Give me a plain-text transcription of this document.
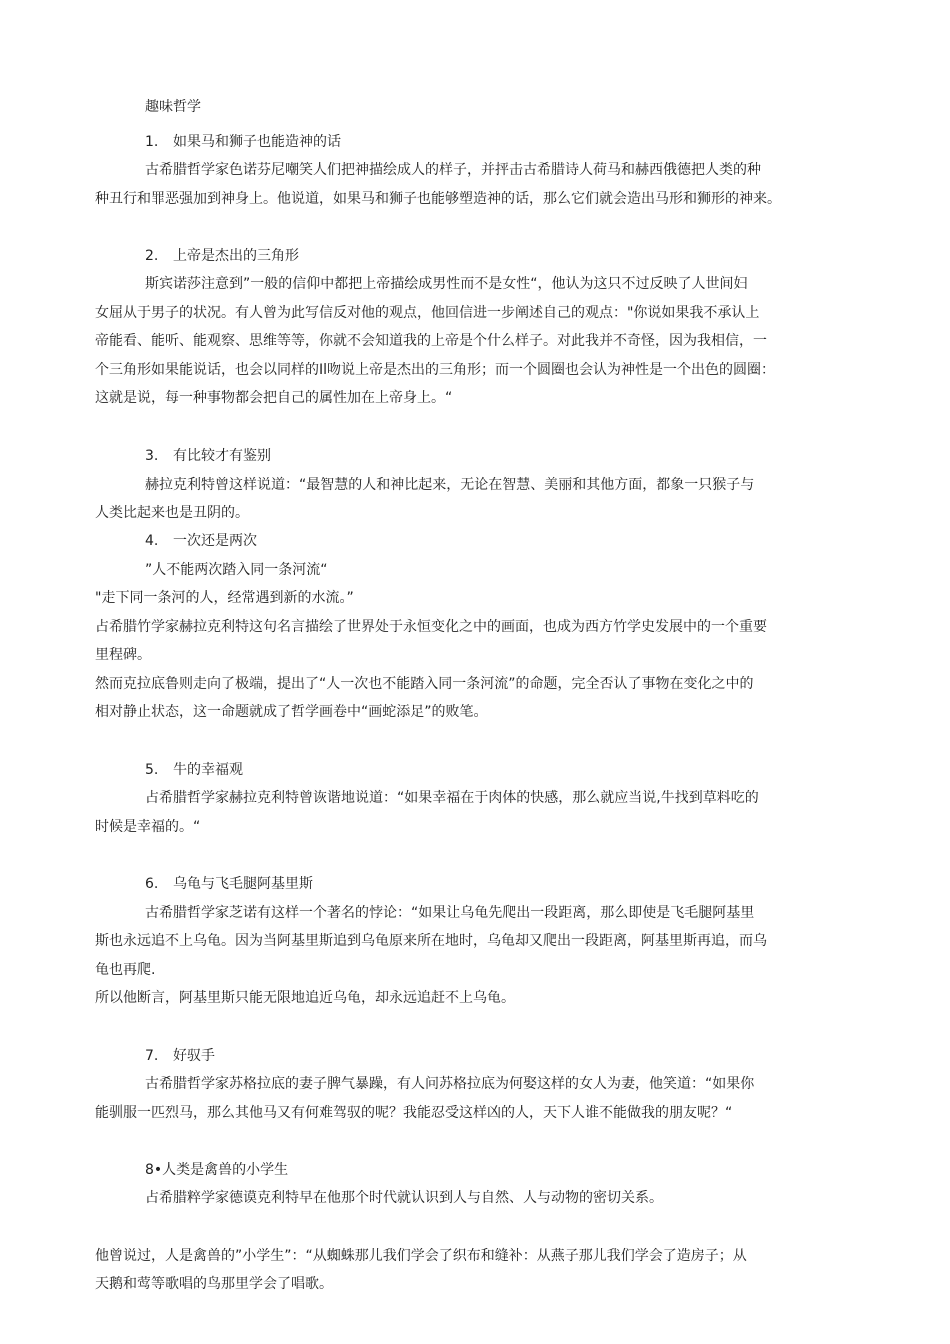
趣味哲学
1. 如果马和狮子也能造神的话
古希腊哲学家色诺芬尼嘲笑人们把神描绘成人的样子，并抨击古希腊诗人荷马和赫西俄德把人类的种
种丑行和罪恶强加到神身上。他说道，如果马和狮子也能够塑造神的话，那么它们就会造出马形和狮形的神来。
2. 上帝是杰出的三角形
斯宾诺莎注意到”一般的信仰中都把上帝描绘成男性而不是女性“，他认为这只不过反映了人世间妇
女屈从于男子的状况。有人曾为此写信反对他的观点，他回信进一步阐述自己的观点："你说如果我不承认上
帝能看、能听、能观察、思维等等，你就不会知道我的上帝是个什么样子。对此我并不奇怪，因为我相信，一
个三角形如果能说话，也会以同样的Il吻说上帝是杰出的三角形；而一个圆圈也会认为神性是一个出色的圆圈：
这就是说，每一种事物都会把自己的属性加在上帝身上。“
3. 有比较才有鉴别
赫拉克利特曾这样说道：“最智慧的人和神比起来，无论在智慧、美丽和其他方面，都象一只猴子与
人类比起来也是丑阴的。
4. 一次还是两次
”人不能两次踏入同一条河流“
"走下同一条河的人，经常遇到新的水流。”
占希腊竹学家赫拉克利特这句名言描绘了世界处于永恒变化之中的画面，也成为西方竹学史发展中的一个重要
里程碑。
然而克拉底鲁则走向了极端，提出了“人一次也不能踏入同一条河流”的命题，完全否认了事物在变化之中的
相对静止状态，这一命题就成了哲学画卷中“画蛇添足”的败笔。
5. 牛的幸福观
占希腊哲学家赫拉克利特曾诙谐地说道：“如果幸福在于肉体的快感，那么就应当说,牛找到草料吃的
时候是幸福的。“
6. 乌龟与飞毛腿阿基里斯
古希腊哲学家芝诺有这样一个著名的悖论：“如果让乌龟先爬出一段距离，那么即使是飞毛腿阿基里
斯也永远追不上乌龟。因为当阿基里斯追到乌龟原来所在地时，乌龟却又爬出一段距离，阿基里斯再追，而乌
龟也再爬.
所以他断言，阿基里斯只能无限地追近乌龟，却永远追赶不上乌龟。
7. 好驭手
古希腊哲学家苏格拉底的妻子脾气暴躁，有人问苏格拉底为何娶这样的女人为妻，他笑道：“如果你
能驯服一匹烈马，那么其他马又有何难驾驭的呢？我能忍受这样凶的人，天下人谁不能做我的朋友呢？“
8•人类是禽兽的小学生
占希腊粹学家德谟克利特早在他那个时代就认识到人与自然、人与动物的密切关系。
他曾说过，人是禽兽的”小学生”：“从蜘蛛那儿我们学会了织布和缝补：从燕子那儿我们学会了造房子；从
天鹅和莺等歌唱的鸟那里学会了唱歌。
